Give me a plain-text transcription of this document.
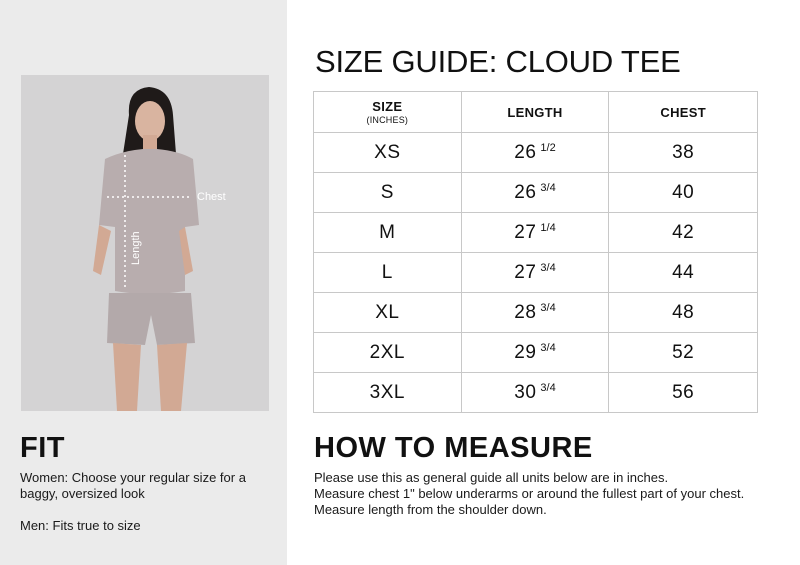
Chest
Length
FIT
Women: Choose your regular size for a baggy, oversized look
Men: Fits true to size
SIZE GUIDE: CLOUD TEE
SIZE
(INCHES)	LENGTH	CHEST
XS	26 $^{1/2}$	38
S	26 $^{3/4}$	40
M	27 $^{1/4}$	42
L	27 $^{3/4}$	44
XL	28 $^{3/4}$	48
2XL	29 $^{3/4}$	52
3XL	30 $^{3/4}$	56
HOW TO MEASURE
Please use this as general guide all units below are in inches.
Measure chest 1" below underarms or around the fullest part of your chest.
Measure length from the shoulder down.
